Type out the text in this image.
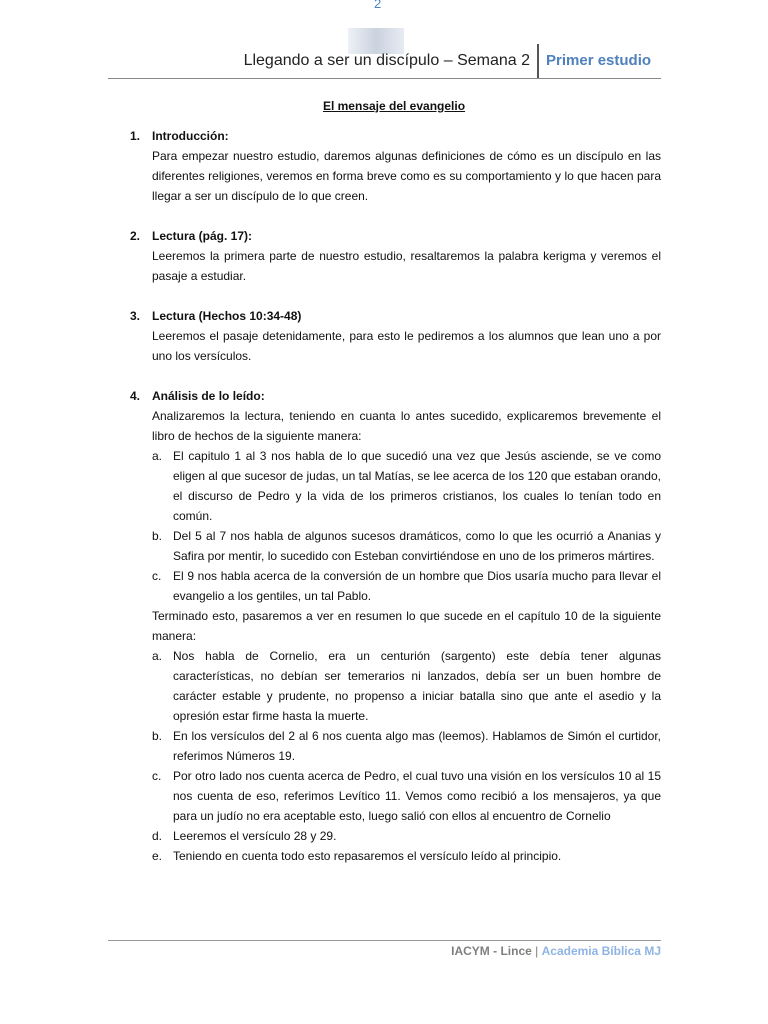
2
Llegando a ser un discípulo – Semana 2 Primer estudio
El mensaje del evangelio
1. Introducción:
Para empezar nuestro estudio, daremos algunas definiciones de cómo es un discípulo en las diferentes religiones, veremos en forma breve como es su comportamiento y lo que hacen para llegar a ser un discípulo de lo que creen.
2. Lectura (pág. 17):
Leeremos la primera parte de nuestro estudio, resaltaremos la palabra kerigma y veremos el pasaje a estudiar.
3. Lectura (Hechos 10:34-48)
Leeremos el pasaje detenidamente, para esto le pediremos a los alumnos que lean uno a por uno los versículos.
4. Análisis de lo leído:
Analizaremos la lectura, teniendo en cuanta lo antes sucedido, explicaremos brevemente el libro de hechos de la siguiente manera:
a. El capitulo 1 al 3 nos habla de lo que sucedió una vez que Jesús asciende, se ve como eligen al que sucesor de judas, un tal Matías, se lee acerca de los 120 que estaban orando, el discurso de Pedro y la vida de los primeros cristianos, los cuales lo tenían todo en común.
b. Del 5 al 7 nos habla de algunos sucesos dramáticos, como lo que les ocurrió a Ananias y Safira por mentir, lo sucedido con Esteban convirtiéndose en uno de los primeros mártires.
c. El 9 nos habla acerca de la conversión de un hombre que Dios usaría mucho para llevar el evangelio a los gentiles, un tal Pablo.
Terminado esto, pasaremos a ver en resumen lo que sucede en el capítulo 10 de la siguiente manera:
a. Nos habla de Cornelio, era un centurión (sargento) este debía tener algunas características, no debían ser temerarios ni lanzados, debía ser un buen hombre de carácter estable y prudente, no propenso a iniciar batalla sino que ante el asedio y la opresión estar firme hasta la muerte.
b. En los versículos del 2 al 6 nos cuenta algo mas (leemos). Hablamos de Simón el curtidor, referimos Números 19.
c. Por otro lado nos cuenta acerca de Pedro, el cual tuvo una visión en los versículos 10 al 15 nos cuenta de eso, referimos Levítico 11. Vemos como recibió a los mensajeros, ya que para un judío no era aceptable esto, luego salió con ellos al encuentro de Cornelio
d. Leeremos el versículo 28 y 29.
e. Teniendo en cuenta todo esto repasaremos el versículo leído al principio.
IACYM - Lince | Academia Bíblica MJ
